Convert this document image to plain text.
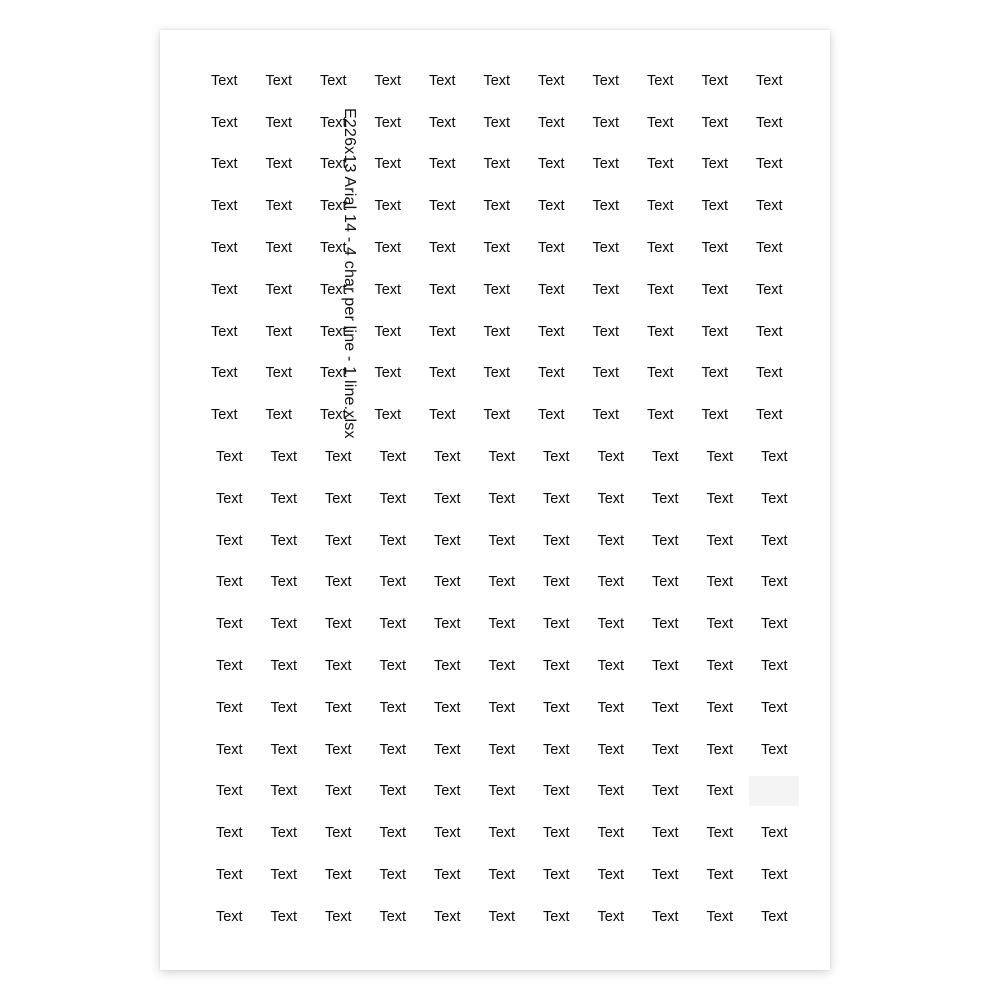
E226x13 Arial 14 - 4 char per line - 1 line.xlsx
Text	Text	Text	Text	Text	Text	Text	Text	Text	Text	Text
Text	Text	Text	Text	Text	Text	Text	Text	Text	Text	Text
Text	Text	Text	Text	Text	Text	Text	Text	Text	Text	Text
Text	Text	Text	Text	Text	Text	Text	Text	Text	Text	Text
Text	Text	Text	Text	Text	Text	Text	Text	Text	Text	Text
Text	Text	Text	Text	Text	Text	Text	Text	Text	Text	Text
Text	Text	Text	Text	Text	Text	Text	Text	Text	Text	Text
Text	Text	Text	Text	Text	Text	Text	Text	Text	Text	Text
Text	Text	Text	Text	Text	Text	Text	Text	Text	Text	Text
Text	Text	Text	Text	Text	Text	Text	Text	Text	Text	Text
Text	Text	Text	Text	Text	Text	Text	Text	Text	Text	Text
Text	Text	Text	Text	Text	Text	Text	Text	Text	Text	Text
Text	Text	Text	Text	Text	Text	Text	Text	Text	Text	Text
Text	Text	Text	Text	Text	Text	Text	Text	Text	Text	Text
Text	Text	Text	Text	Text	Text	Text	Text	Text	Text	Text
Text	Text	Text	Text	Text	Text	Text	Text	Text	Text	Text
Text	Text	Text	Text	Text	Text	Text	Text	Text	Text	Text
Text	Text	Text	Text	Text	Text	Text	Text	Text	Text
Text	Text	Text	Text	Text	Text	Text	Text	Text	Text	Text
Text	Text	Text	Text	Text	Text	Text	Text	Text	Text	Text
Text	Text	Text	Text	Text	Text	Text	Text	Text	Text	Text
